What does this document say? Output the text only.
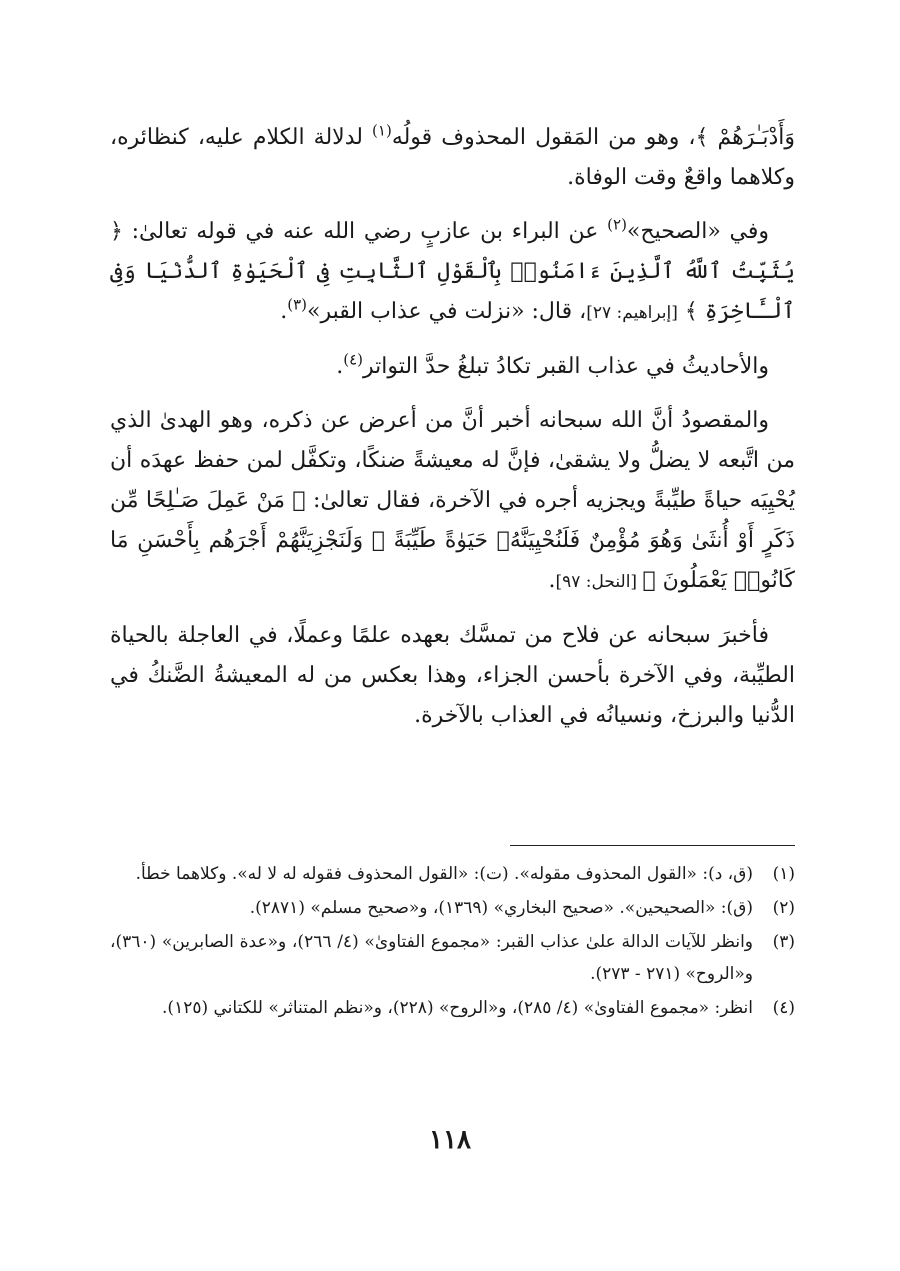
وَأَدْبَـٰرَهُمْ ﴾، وهو من المَقول المحذوف قولُه$^{(١)}$ لدلالة الكلام عليه، كنظائره، وكلاهما واقعٌ وقت الوفاة.

وفي «الصحيح»$^{(٢)}$ عن البراء بن عازبٍ رضي الله عنه في قوله تعالىٰ: ﴿ يُثَبِّتُ ٱللَّهُ ٱلَّذِينَ ءَامَنُوا۟ بِٱلْقَوْلِ ٱلثَّابِتِ فِى ٱلْحَيَوٰةِ ٱلدُّنْيَا وَفِى ٱلْـَٔاخِرَةِ ﴾ [إبراهيم: ٢٧]، قال: «نزلت في عذاب القبر»$^{(٣)}$.

والأحاديثُ في عذاب القبر تكادُ تبلغُ حدَّ التواتر$^{(٤)}$.

والمقصودُ أنَّ الله سبحانه أخبر أنَّ من أعرض عن ذكره، وهو الهدىٰ الذي من اتَّبعه لا يضلُّ ولا يشقىٰ، فإنَّ له معيشةً ضنكًا، وتكفَّل لمن حفظ عهدَه أن يُحْيِيَه حياةً طيِّبةً ويجزيه أجره في الآخرة، فقال تعالىٰ: ﴿ مَنْ عَمِلَ صَـٰلِحًا مِّن ذَكَرٍ أَوْ أُنثَىٰ وَهُوَ مُؤْمِنٌ فَلَنُحْيِيَنَّهُۥ حَيَوٰةً طَيِّبَةً ۖ وَلَنَجْزِيَنَّهُمْ أَجْرَهُم بِأَحْسَنِ مَا كَانُوا۟ يَعْمَلُونَ ﴾ [النحل: ٩٧].

فأخبرَ سبحانه عن فلاح من تمسَّك بعهده علمًا وعملًا، في العاجلة بالحياة الطيِّبة، وفي الآخرة بأحسن الجزاء، وهذا بعكس من له المعيشةُ الضَّنكُ في الدُّنيا والبرزخ، ونسيانُه في العذاب بالآخرة.

(١)
(ق، د): «القول المحذوف مقوله». (ت): «القول المحذوف فقوله له لا له». وكلاهما خطأ.
(٢)
(ق): «الصحيحين». «صحيح البخاري» (١٣٦٩)، و«صحيح مسلم» (٢٨٧١).
(٣)
وانظر للآيات الدالة علىٰ عذاب القبر: «مجموع الفتاوىٰ» (٤/ ٢٦٦)، و«عدة الصابرين» (٣٦٠)، و«الروح» (٢٧١ - ٢٧٣).
(٤)
انظر: «مجموع الفتاوىٰ» (٤/ ٢٨٥)، و«الروح» (٢٢٨)، و«نظم المتناثر» للكتاني (١٢٥).
١١٨
